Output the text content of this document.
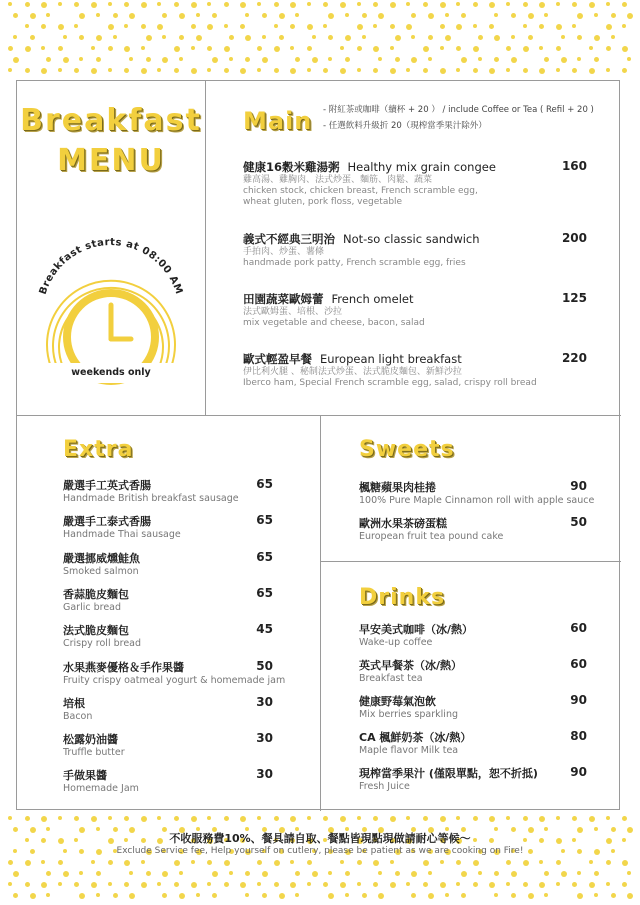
Breakfast
MENU
Breakfast starts at 08:00 AM
weekends only
Main - 附紅茶或咖啡（續杯 + 20 ） / include Coffee or Tea ( Refil + 20 )
- 任選飲料升級折 20（現榨當季果汁除外）
健康16穀米雞湯粥 Healthy mix grain congee
雞高湯、雞胸肉、法式炒蛋、麵筋、肉鬆、蔬菜
chicken stock, chicken breast, French scramble egg,
wheat gluten, pork floss, vegetable
160
義式不經典三明治 Not-so classic sandwich
手拍肉、炒蛋、薯條
handmade pork patty, French scramble egg, fries
200
田園蔬菜歐姆蕾 French omelet
法式歐姆蛋、培根、沙拉
mix vegetable and cheese, bacon, salad
125
歐式輕盈早餐 European light breakfast
伊比利火腿 、秘制法式炒蛋、法式脆皮麵包、新鮮沙拉
Iberco ham, Special French scramble egg, salad, crispy roll bread
220
Extra
嚴選手工英式香腸
Handmade British breakfast sausage
65
嚴選手工泰式香腸
Handmade Thai sausage
65
嚴選挪威燻鮭魚
Smoked salmon
65
香蒜脆皮麵包
Garlic bread
65
法式脆皮麵包
Crispy roll bread
45
水果燕麥優格＆手作果醬
Fruity crispy oatmeal yogurt & homemade jam
50
培根
Bacon
30
松露奶油醬
Truffle butter
30
手做果醬
Homemade Jam
30
Sweets
楓糖蘋果肉桂捲
100% Pure Maple Cinnamon roll with apple sauce
90
歐洲水果茶磅蛋糕
European fruit tea pound cake
50
Drinks
早安美式咖啡（冰/熱）
Wake-up coffee
60
英式早餐茶（冰/熱）
Breakfast tea
60
健康野莓氣泡飲
Mix berries sparkling
90
CA 楓鮮奶茶（冰/熱）
Maple flavor Milk tea
80
現榨當季果汁 (僅限單點，恕不折抵)
Fresh Juice
90
不收服務費10%、餐具請自取、餐點皆現點現做請耐心等候～
Exclude Service fee, Help yourself on cutlery, please be patient as we are cooking on Fire!
